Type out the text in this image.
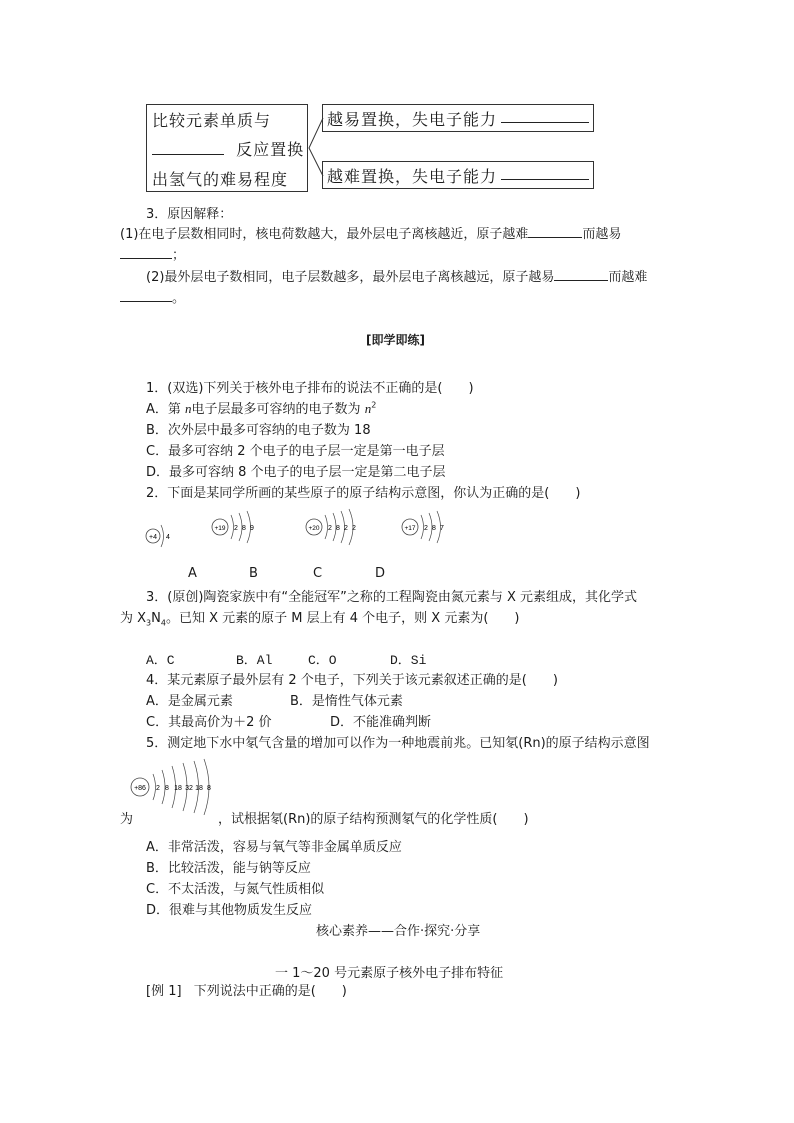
比较元素单质与
反应置换
出氢气的难易程度
越易置换，失电子能力
越难置换，失电子能力
3．原因解释：
(1)在电子层数相同时，核电荷数越大，最外层电子离核越近，原子越难	而越易
；
(2)最外层电子数相同，电子层数越多，最外层电子离核越远，原子越易	而越难
。
[即学即练]
1．(双选)下列关于核外电子排布的说法不正确的是(　　)
A．第 n电子层最多可容纳的电子数为 $n^2$
B．次外层中最多可容纳的电子数为 18
C．最多可容纳 2 个电子的电子层一定是第一电子层
D．最多可容纳 8 个电子的电子层一定是第二电子层
2．下面是某同学所画的某些原子的原子结构示意图，你认为正确的是(　　)
+4 4
+19 2 8 9	+20 2 8 2 2	+17 2 8 7
A	B	C	D
3．(原创)陶瓷家族中有“全能冠军”之称的工程陶瓷由氮元素与 X 元素组成，其化学式
为 $X_3N_4$。已知 X 元素的原子 M 层上有 4 个电子，则 X 元素为(　　)
A．C	B．Al	C．O	D．Si
4．某元素原子最外层有 2 个电子，下列关于该元素叙述正确的是(　　)
A．是金属元素	B．是惰性气体元素
C．其最高价为＋2 价	D．不能准确判断
5．测定地下水中氡气含量的增加可以作为一种地震前兆。已知氡(Rn)的原子结构示意图
+86 2 8 18 32 18 8
为	，试根据氡(Rn)的原子结构预测氡气的化学性质(　　)
A．非常活泼，容易与氧气等非金属单质反应
B．比较活泼，能与钠等反应
C．不太活泼，与氮气性质相似
D．很难与其他物质发生反应
核心素养——合作·探究·分享
一 1～20 号元素原子核外电子排布特征
[例 1] 下列说法中正确的是(　　)
